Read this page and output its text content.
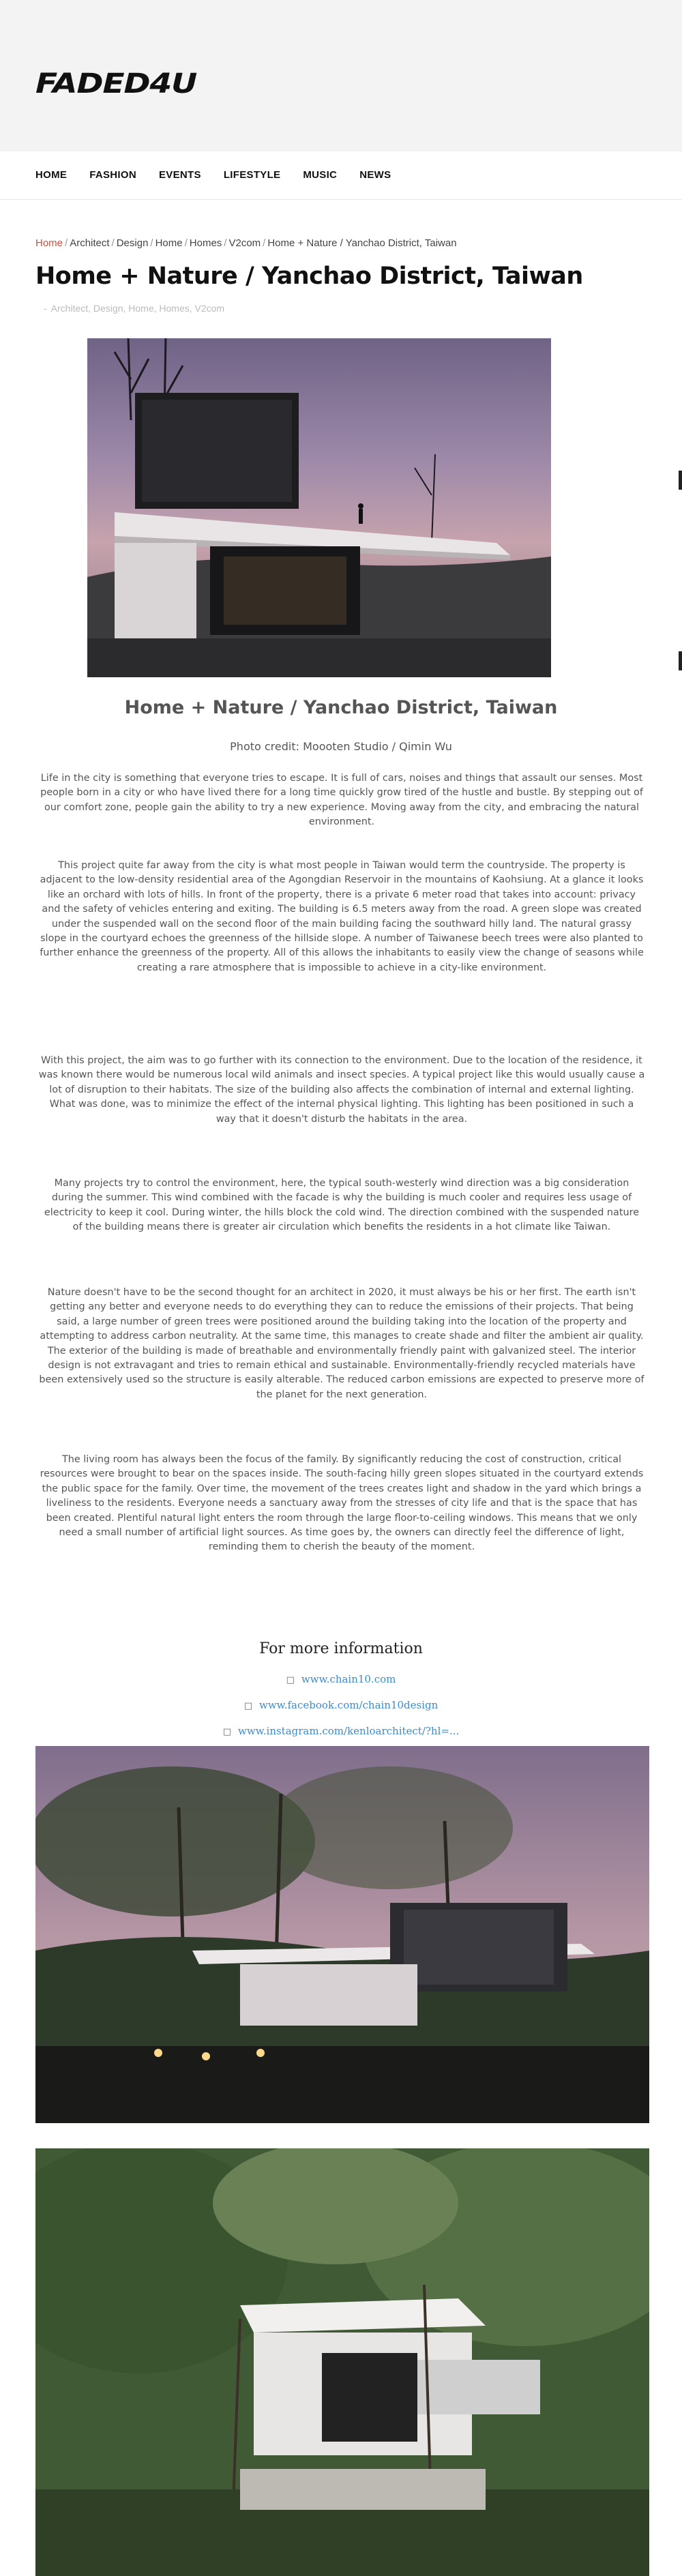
FADED4U
HOME FASHION EVENTS LIFESTYLE MUSIC NEWS
Home / Architect / Design / Home / Homes / V2com / Home + Nature / Yanchao District, Taiwan
Home + Nature / Yanchao District, Taiwan
- Architect, Design, Home, Homes, V2com
Home + Nature / Yanchao District, Taiwan
Photo credit: Moooten Studio / Qimin Wu

Life in the city is something that everyone tries to escape. It is full of cars, noises and things that assault our senses. Most people born in a city or who have lived there for a long time quickly grow tired of the hustle and bustle. By stepping out of our comfort zone, people gain the ability to try a new experience. Moving away from the city, and embracing the natural environment.

This project quite far away from the city is what most people in Taiwan would term the countryside. The property is adjacent to the low-density residential area of the Agongdian Reservoir in the mountains of Kaohsiung. At a glance it looks like an orchard with lots of hills. In front of the property, there is a private 6 meter road that takes into account: privacy and the safety of vehicles entering and exiting. The building is 6.5 meters away from the road. A green slope was created under the suspended wall on the second floor of the main building facing the southward hilly land. The natural grassy slope in the courtyard echoes the greenness of the hillside slope. A number of Taiwanese beech trees were also planted to further enhance the greenness of the property. All of this allows the inhabitants to easily view the change of seasons while creating a rare atmosphere that is impossible to achieve in a city-like environment.

With this project, the aim was to go further with its connection to the environment. Due to the location of the residence, it was known there would be numerous local wild animals and insect species. A typical project like this would usually cause a lot of disruption to their habitats. The size of the building also affects the combination of internal and external lighting. What was done, was to minimize the effect of the internal physical lighting. This lighting has been positioned in such a way that it doesn't disturb the habitats in the area.

Many projects try to control the environment, here, the typical south-westerly wind direction was a big consideration during the summer. This wind combined with the facade is why the building is much cooler and requires less usage of electricity to keep it cool. During winter, the hills block the cold wind. The direction combined with the suspended nature of the building means there is greater air circulation which benefits the residents in a hot climate like Taiwan.

Nature doesn't have to be the second thought for an architect in 2020, it must always be his or her first. The earth isn't getting any better and everyone needs to do everything they can to reduce the emissions of their projects. That being said, a large number of green trees were positioned around the building taking into the location of the property and attempting to address carbon neutrality. At the same time, this manages to create shade and filter the ambient air quality. The exterior of the building is made of breathable and environmentally friendly paint with galvanized steel. The interior design is not extravagant and tries to remain ethical and sustainable. Environmentally-friendly recycled materials have been extensively used so the structure is easily alterable. The reduced carbon emissions are expected to preserve more of the planet for the next generation.

The living room has always been the focus of the family. By significantly reducing the cost of construction, critical resources were brought to bear on the spaces inside. The south-facing hilly green slopes situated in the courtyard extends the public space for the family. Over time, the movement of the trees creates light and shadow in the yard which brings a liveliness to the residents. Everyone needs a sanctuary away from the stresses of city life and that is the space that has been created. Plentiful natural light enters the room through the large floor-to-ceiling windows. This means that we only need a small number of artificial light sources. As time goes by, the owners can directly feel the difference of light, reminding them to cherish the beauty of the moment.

For more information
□ www.chain10.com
□ www.facebook.com/chain10design
□ www.instagram.com/kenloarchitect/?hl=...
